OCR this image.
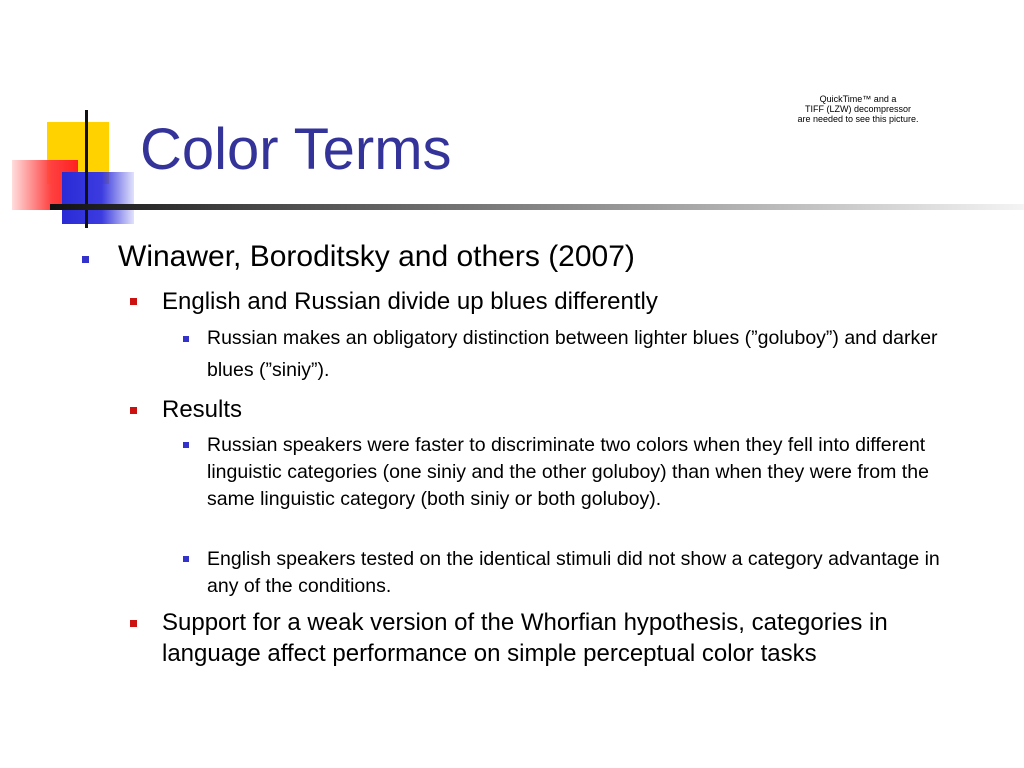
Color Terms
QuickTime™ and a
TIFF (LZW) decompressor
are needed to see this picture.
Winawer, Boroditsky and others (2007)
English and Russian divide up blues differently
Russian makes an obligatory distinction between lighter blues (”goluboy”) and darker blues (”siniy”).
Results
Russian speakers were faster to discriminate two colors when they fell into different linguistic categories (one siniy and the other goluboy) than when they were from the same linguistic category (both siniy or both goluboy).
English speakers tested on the identical stimuli did not show a category advantage in any of the conditions.
Support for a weak version of the Whorfian hypothesis, categories in language affect performance on simple perceptual color tasks
